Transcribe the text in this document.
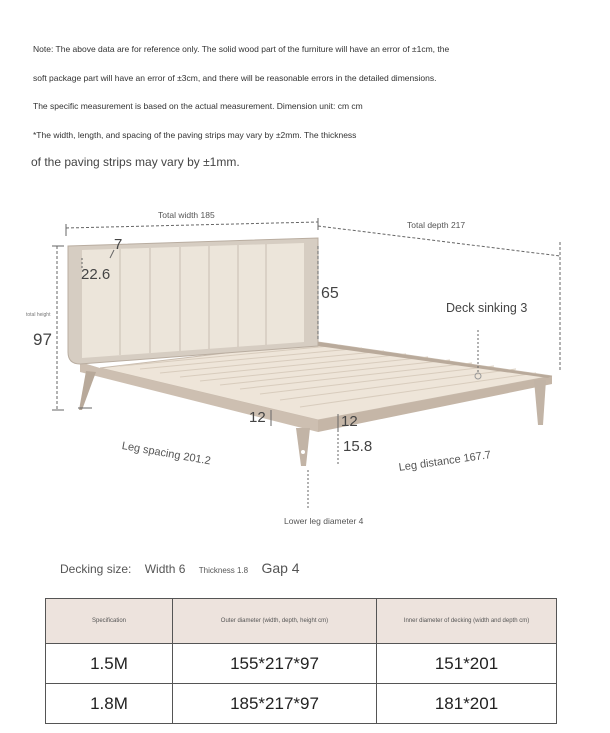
Note: The above data are for reference only. The solid wood part of the furniture will have an error of ±1cm, the
soft package part will have an error of ±3cm, and there will be reasonable errors in the detailed dimensions.
The specific measurement is based on the actual measurement. Dimension unit: cm cm
*The width, length, and spacing of the paving strips may vary by ±2mm. The thickness
of the paving strips may vary by ±1mm.
Total width 185
Total depth 217
7
22.6
65
Deck sinking 3
total height
97
12	12
15.8
Leg spacing 201.2	Leg distance 167.7
Lower leg diameter 4
Decking size: Width 6 Thickness 1.8 Gap 4
Specification	Outer diameter (width, depth, height cm)	Inner diameter of decking (width and depth cm)
1.5M	155*217*97	151*201
1.8M	185*217*97	181*201
